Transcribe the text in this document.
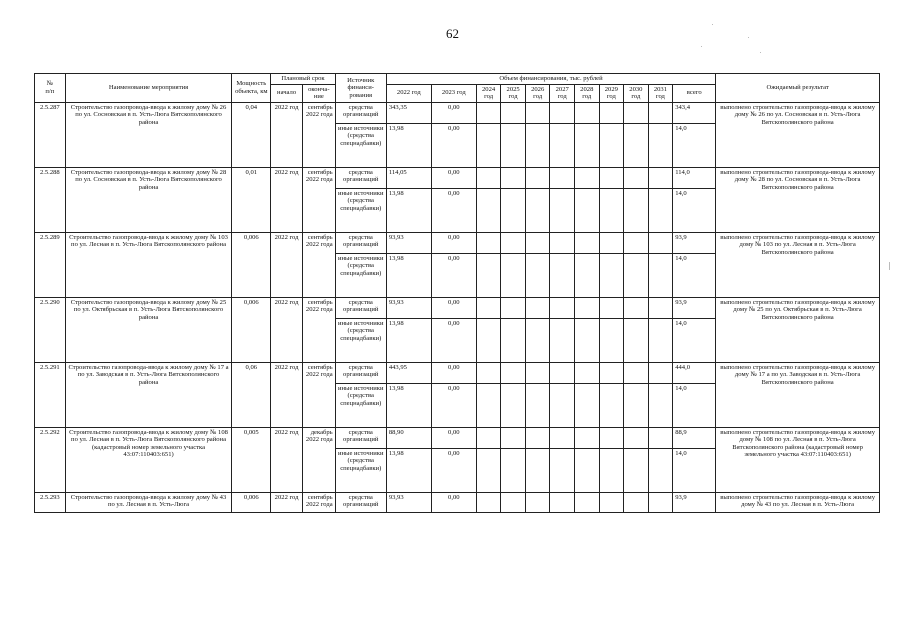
62
№
п/п	Наименование мероприятия	Мощность объекта, км	Плановый срок		Источник финанси-рования	Объем финансирования, тыс. рублей											Ожидаемый результат
			начало	оконча-ние		2022 год	2023 год	2024 год	2025 год	2026 год	2027 год	2028 год	2029 год	2030 год	2031 год	всего	
2.5.287	Строительство газопровода-ввода к жилому дому № 26 по ул. Сосновская в п. Усть-Люга Вятскополянского района	0,04	2022 год	сентябрь 2022 года	средства организаций	343,35	0,00									343,4	выполнено строительство газопровода-ввода к жилому дому № 26 по ул. Сосновская в п. Усть-Люга Вятскополянского района
					иные источники (средства спецнадбавки)	13,98	0,00									14,0	
2.5.288	Строительство газопровода-ввода к жилому дому № 28 по ул. Сосновская в п. Усть-Люга Вятскополянского района	0,01	2022 год	сентябрь 2022 года	средства организаций	114,05	0,00									114,0	выполнено строительство газопровода-ввода к жилому дому № 28 по ул. Сосновская в п. Усть-Люга Вятскополянского района
					иные источники (средства спецнадбавки)	13,98	0,00									14,0	
2.5.289	Строительство газопровода-ввода к жилому дому № 103 по ул. Лесная в п. Усть-Люга Вятскополянского района	0,006	2022 год	сентябрь 2022 года	средства организаций	93,93	0,00									93,9	выполнено строительство газопровода-ввода к жилому дому № 103 по ул. Лесная в п. Усть-Люга Вятскополянского района
					иные источники (средства спецнадбавки)	13,98	0,00									14,0	
2.5.290	Строительство газопровода-ввода к жилому дому № 25 по ул. Октябрьская в п. Усть-Люга Вятскополянского района	0,006	2022 год	сентябрь 2022 года	средства организаций	93,93	0,00									93,9	выполнено строительство газопровода-ввода к жилому дому № 25 по ул. Октябрьская в п. Усть-Люга Вятскополянского района
					иные источники (средства спецнадбавки)	13,98	0,00									14,0	
2.5.291	Строительство газопровода-ввода к жилому дому № 17 а по ул. Заводская в п. Усть-Люга Вятскополянского района	0,06	2022 год	сентябрь 2022 года	средства организаций	443,95	0,00									444,0	выполнено строительство газопровода-ввода к жилому дому № 17 а по ул. Заводская в п. Усть-Люга Вятскополянского района
					иные источники (средства спецнадбавки)	13,98	0,00									14,0	
2.5.292	Строительство газопровода-ввода к жилому дому № 108 по ул. Лесная в п. Усть-Люга Вятскополянского района (кадастровый номер земельного участка 43:07:110403:651)	0,005	2022 год	декабрь 2022 года	средства организаций	88,90	0,00									88,9	выполнено строительство газопровода-ввода к жилому дому № 108 по ул. Лесная в п. Усть-Люга Вятскополянского района (кадастровый номер земельного участка 43:07:110403:651)
					иные источники (средства спецнадбавки)	13,98	0,00									14,0	
2.5.293	Строительство газопровода-ввода к жилому дому № 43 по ул. Лесная в п. Усть-Люга	0,006	2022 год	сентябрь 2022 года	средства организаций	93,93	0,00									93,9	выполнено строительство газопровода-ввода к жилому дому № 43 по ул. Лесная в п. Усть-Люга
